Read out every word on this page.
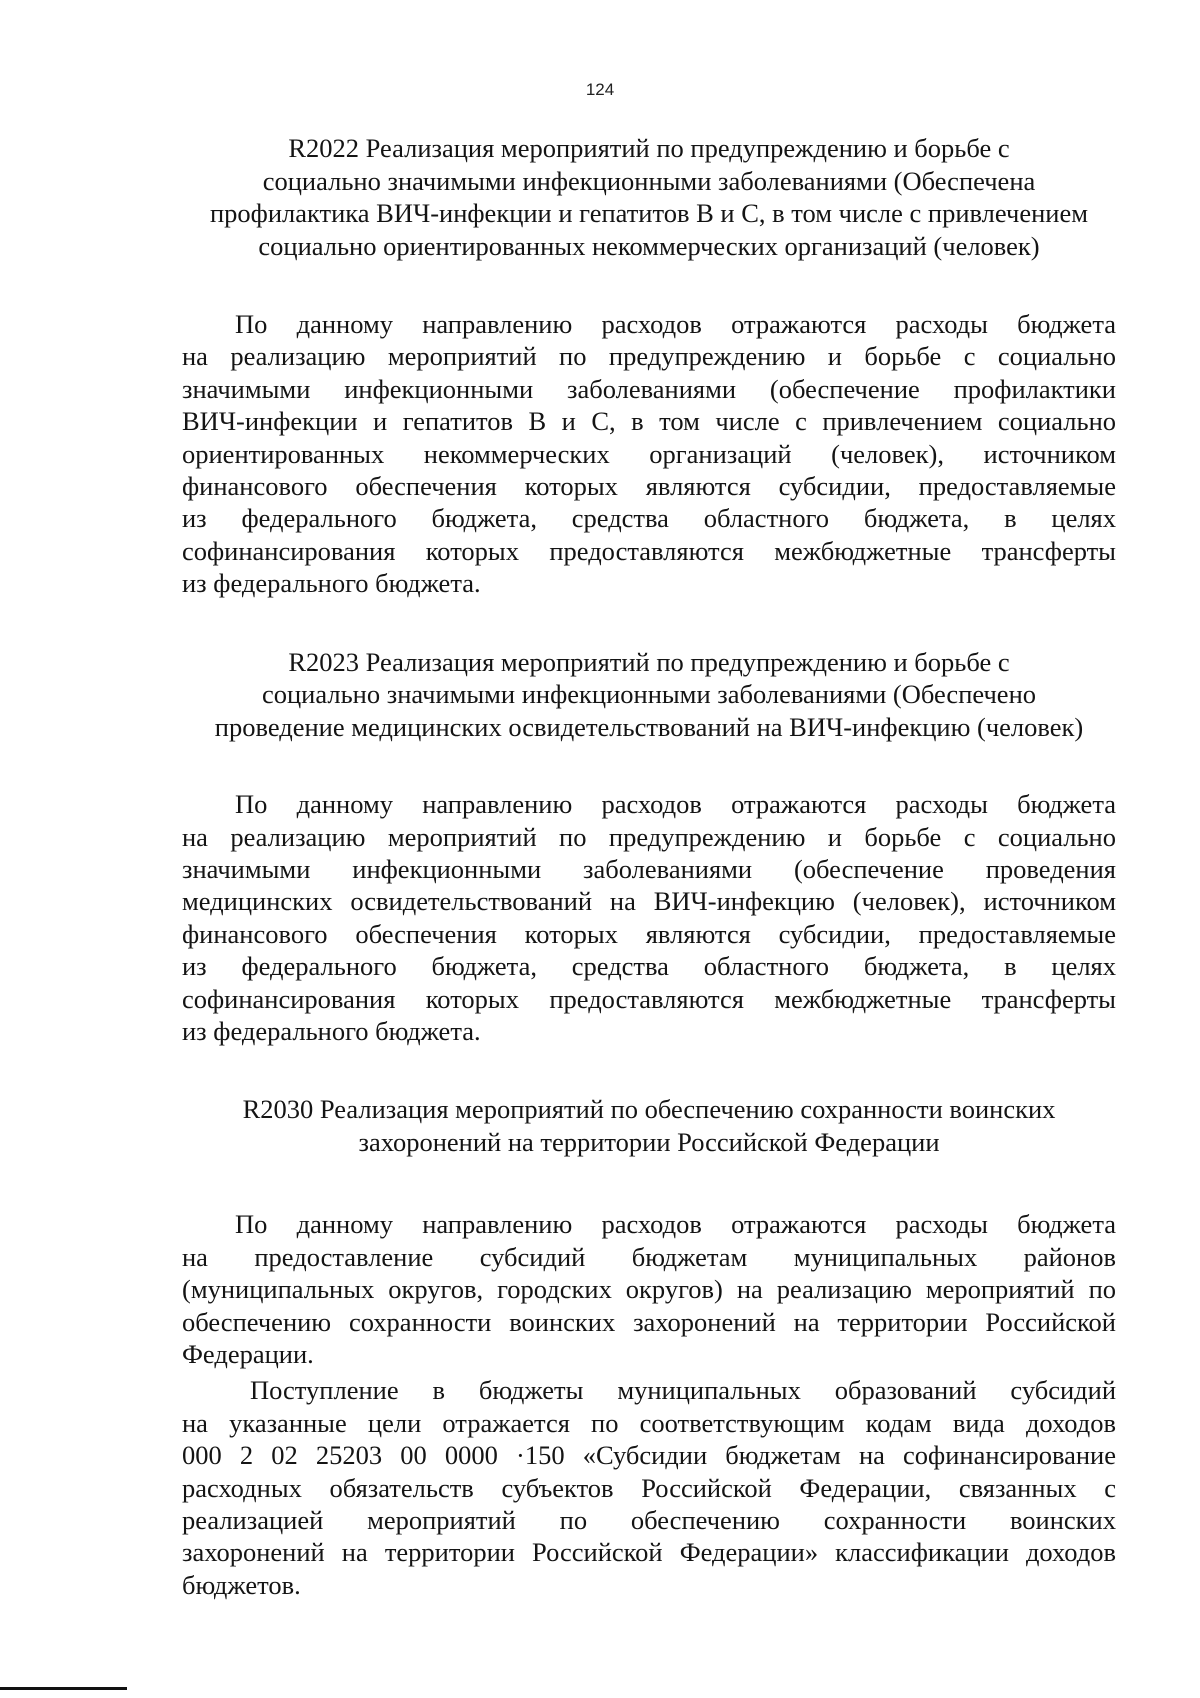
124
R2022 Реализация мероприятий по предупреждению и борьбе с
социально значимыми инфекционными заболеваниями (Обеспечена
профилактика ВИЧ-инфекции и гепатитов В и С, в том числе с привлечением
социально ориентированных некоммерческих организаций (человек)
По данному направлению расходов отражаются расходы бюджета
на реализацию мероприятий по предупреждению и борьбе с социально
значимыми инфекционными заболеваниями (обеспечение профилактики
ВИЧ-инфекции и гепатитов В и С, в том числе с привлечением социально
ориентированных некоммерческих организаций (человек), источником
финансового обеспечения которых являются субсидии, предоставляемые
из федерального бюджета, средства областного бюджета, в целях
софинансирования которых предоставляются межбюджетные трансферты
из федерального бюджета.
R2023 Реализация мероприятий по предупреждению и борьбе с
социально значимыми инфекционными заболеваниями (Обеспечено
проведение медицинских освидетельствований на ВИЧ-инфекцию (человек)
По данному направлению расходов отражаются расходы бюджета
на реализацию мероприятий по предупреждению и борьбе с социально
значимыми инфекционными заболеваниями (обеспечение проведения
медицинских освидетельствований на ВИЧ-инфекцию (человек), источником
финансового обеспечения которых являются субсидии, предоставляемые
из федерального бюджета, средства областного бюджета, в целях
софинансирования которых предоставляются межбюджетные трансферты
из федерального бюджета.
R2030 Реализация мероприятий по обеспечению сохранности воинских
захоронений на территории Российской Федерации
По данному направлению расходов отражаются расходы бюджета
на предоставление субсидий бюджетам муниципальных районов
(муниципальных округов, городских округов) на реализацию мероприятий по
обеспечению сохранности воинских захоронений на территории Российской
Федерации.
Поступление в бюджеты муниципальных образований субсидий
на указанные цели отражается по соответствующим кодам вида доходов
000 2 02 25203 00 0000 ·150 «Субсидии бюджетам на софинансирование
расходных обязательств субъектов Российской Федерации, связанных с
реализацией мероприятий по обеспечению сохранности воинских
захоронений на территории Российской Федерации» классификации доходов
бюджетов.
